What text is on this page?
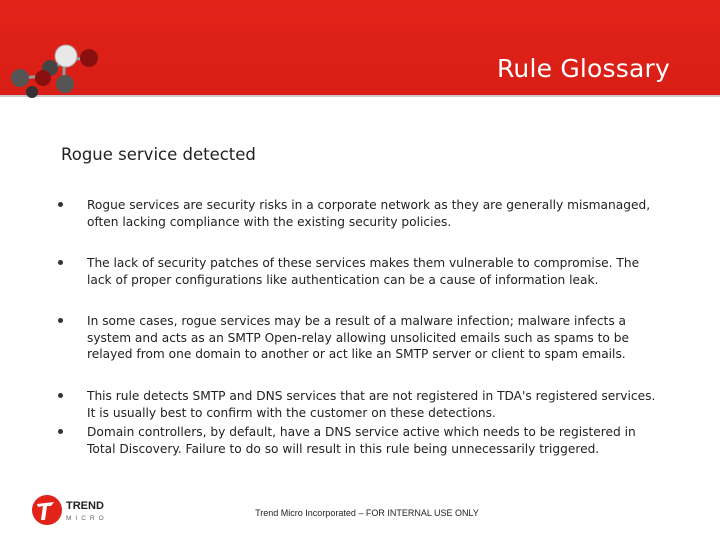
Rule Glossary
Rogue service detected
Rogue services are security risks in a corporate network as they are generally mismanaged, often lacking compliance with the existing security policies.
The lack of security patches of these services makes them vulnerable to compromise. The lack of proper configurations like authentication can be a cause of information leak.
In some cases, rogue services may be a result of a malware infection; malware infects a system and acts as an SMTP Open-relay allowing unsolicited emails such as spams to be relayed from one domain to another or act like an SMTP server or client to spam emails.
This rule detects SMTP and DNS services that are not registered in TDA's registered services. It is usually best to confirm with the customer on these detections.
Domain controllers, by default, have a DNS service active which needs to be registered in Total Discovery. Failure to do so will result in this rule being unnecessarily triggered.
TREND
MICRO
Trend Micro Incorporated – FOR INTERNAL USE ONLY
